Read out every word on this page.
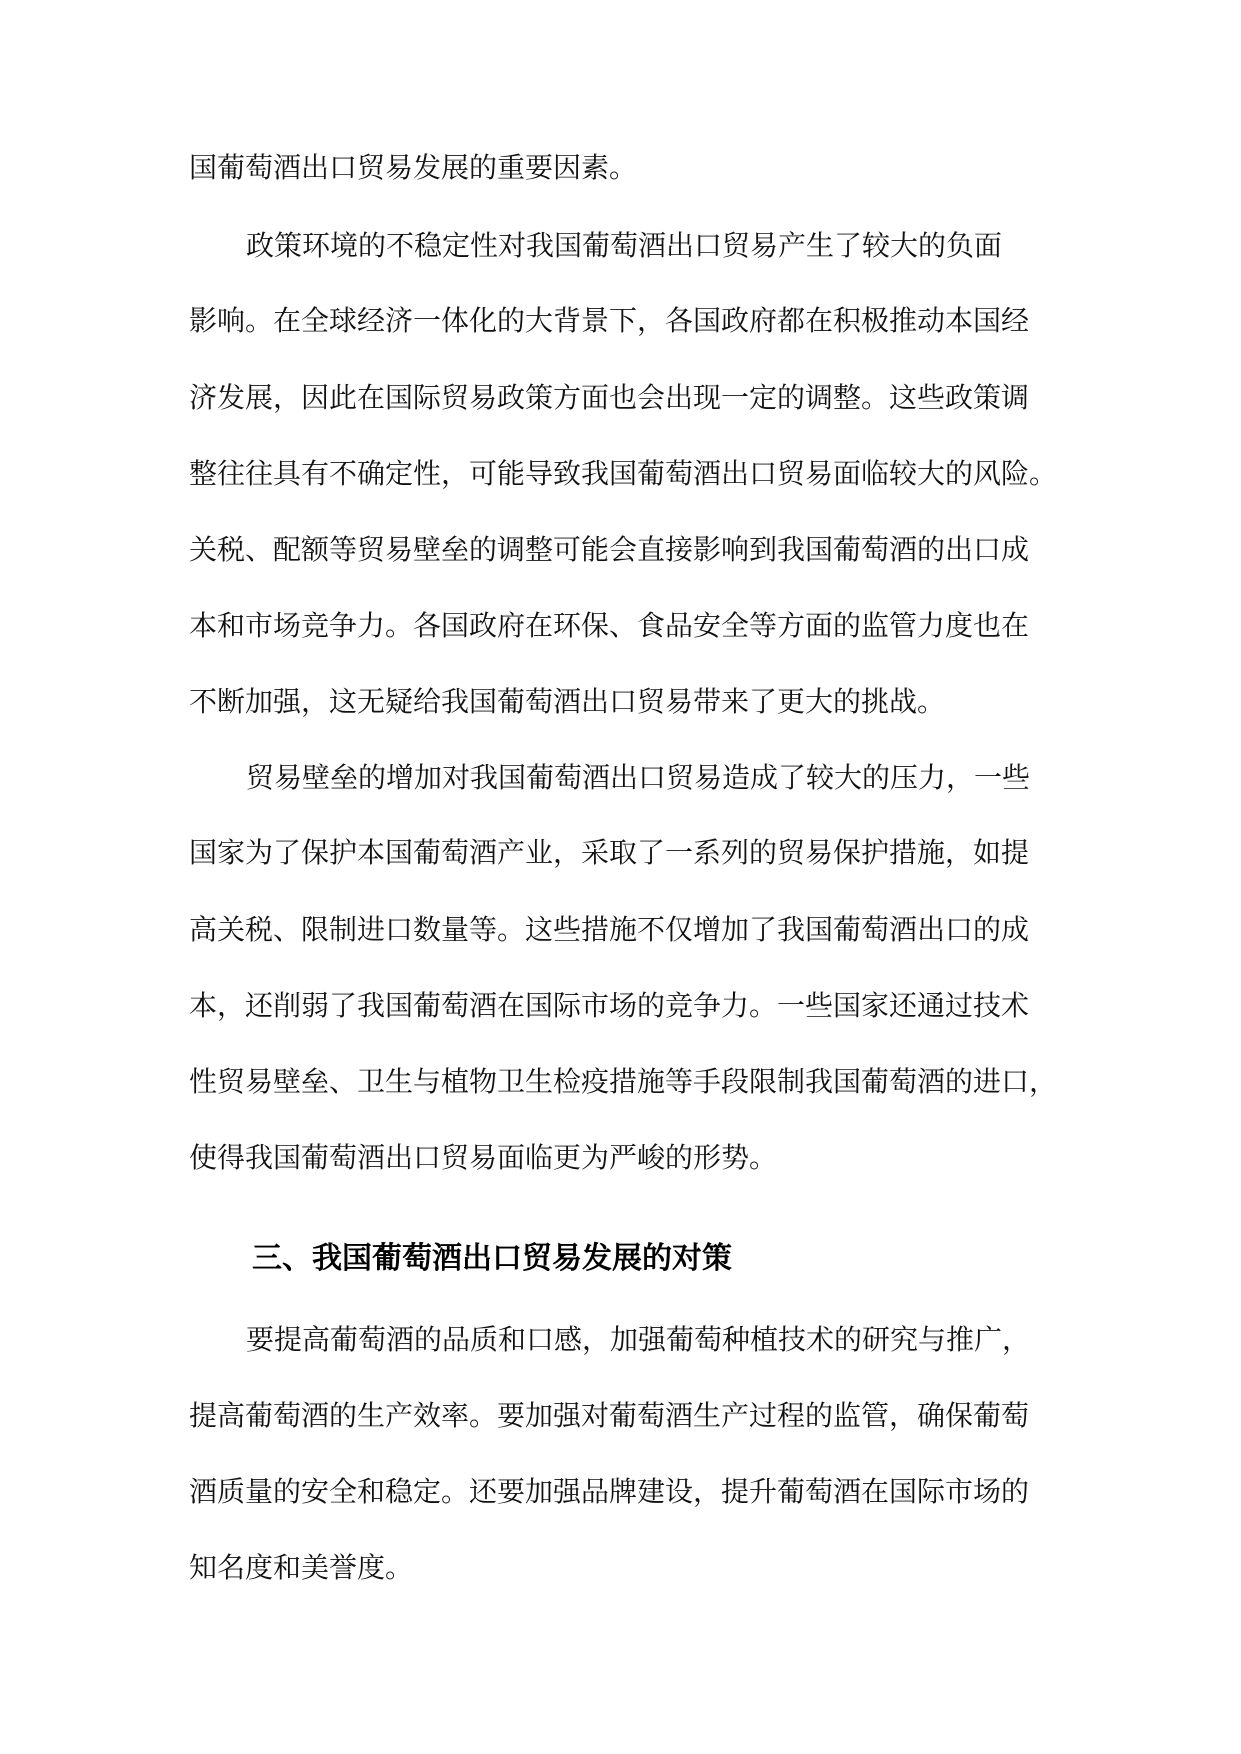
国葡萄酒出口贸易发展的重要因素。
政策环境的不稳定性对我国葡萄酒出口贸易产生了较大的负面
影响。在全球经济一体化的大背景下，各国政府都在积极推动本国经
济发展，因此在国际贸易政策方面也会出现一定的调整。这些政策调
整往往具有不确定性，可能导致我国葡萄酒出口贸易面临较大的风险。
关税、配额等贸易壁垒的调整可能会直接影响到我国葡萄酒的出口成
本和市场竞争力。各国政府在环保、食品安全等方面的监管力度也在
不断加强，这无疑给我国葡萄酒出口贸易带来了更大的挑战。
贸易壁垒的增加对我国葡萄酒出口贸易造成了较大的压力，一些
国家为了保护本国葡萄酒产业，采取了一系列的贸易保护措施，如提
高关税、限制进口数量等。这些措施不仅增加了我国葡萄酒出口的成
本，还削弱了我国葡萄酒在国际市场的竞争力。一些国家还通过技术
性贸易壁垒、卫生与植物卫生检疫措施等手段限制我国葡萄酒的进口，
使得我国葡萄酒出口贸易面临更为严峻的形势。
三、我国葡萄酒出口贸易发展的对策
要提高葡萄酒的品质和口感，加强葡萄种植技术的研究与推广，
提高葡萄酒的生产效率。要加强对葡萄酒生产过程的监管，确保葡萄
酒质量的安全和稳定。还要加强品牌建设，提升葡萄酒在国际市场的
知名度和美誉度。
